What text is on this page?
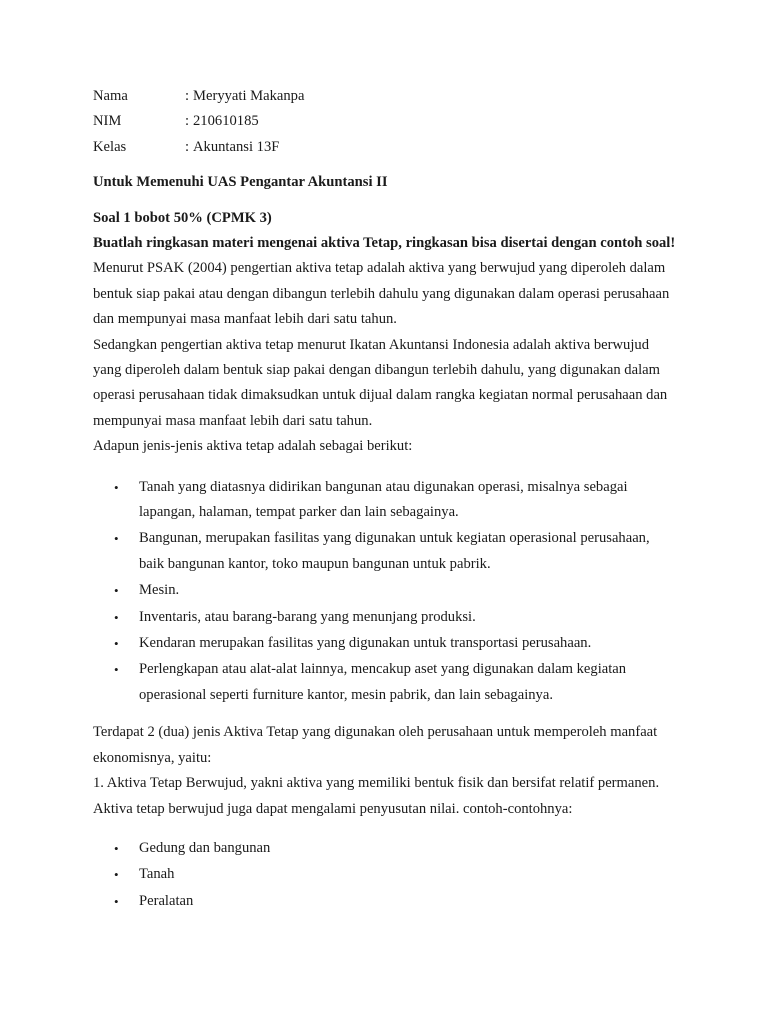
Nama	: Meryyati Makanpa
NIM	: 210610185
Kelas	: Akuntansi 13F

Untuk Memenuhi UAS Pengantar Akuntansi II

Soal 1 bobot 50% (CPMK 3)

Buatlah ringkasan materi mengenai aktiva Tetap, ringkasan bisa disertai dengan contoh soal!

Menurut PSAK (2004) pengertian aktiva tetap adalah aktiva yang berwujud yang diperoleh dalam bentuk siap pakai atau dengan dibangun terlebih dahulu yang digunakan dalam operasi perusahaan dan mempunyai masa manfaat lebih dari satu tahun.

Sedangkan pengertian aktiva tetap menurut Ikatan Akuntansi Indonesia adalah aktiva berwujud yang diperoleh dalam bentuk siap pakai dengan dibangun terlebih dahulu, yang digunakan dalam operasi perusahaan tidak dimaksudkan untuk dijual dalam rangka kegiatan normal perusahaan dan mempunyai masa manfaat lebih dari satu tahun.

Adapun jenis-jenis aktiva tetap adalah sebagai berikut:

• Tanah yang diatasnya didirikan bangunan atau digunakan operasi, misalnya sebagai lapangan, halaman, tempat parker dan lain sebagainya.
• Bangunan, merupakan fasilitas yang digunakan untuk kegiatan operasional perusahaan, baik bangunan kantor, toko maupun bangunan untuk pabrik.
• Mesin.
• Inventaris, atau barang-barang yang menunjang produksi.
• Kendaran merupakan fasilitas yang digunakan untuk transportasi perusahaan.
• Perlengkapan atau alat-alat lainnya, mencakup aset yang digunakan dalam kegiatan operasional seperti furniture kantor, mesin pabrik, dan lain sebagainya.

Terdapat 2 (dua) jenis Aktiva Tetap yang digunakan oleh perusahaan untuk memperoleh manfaat ekonomisnya, yaitu:

1. Aktiva Tetap Berwujud, yakni aktiva yang memiliki bentuk fisik dan bersifat relatif permanen. Aktiva tetap berwujud juga dapat mengalami penyusutan nilai. contoh-contohnya:

• Gedung dan bangunan
• Tanah
• Peralatan
